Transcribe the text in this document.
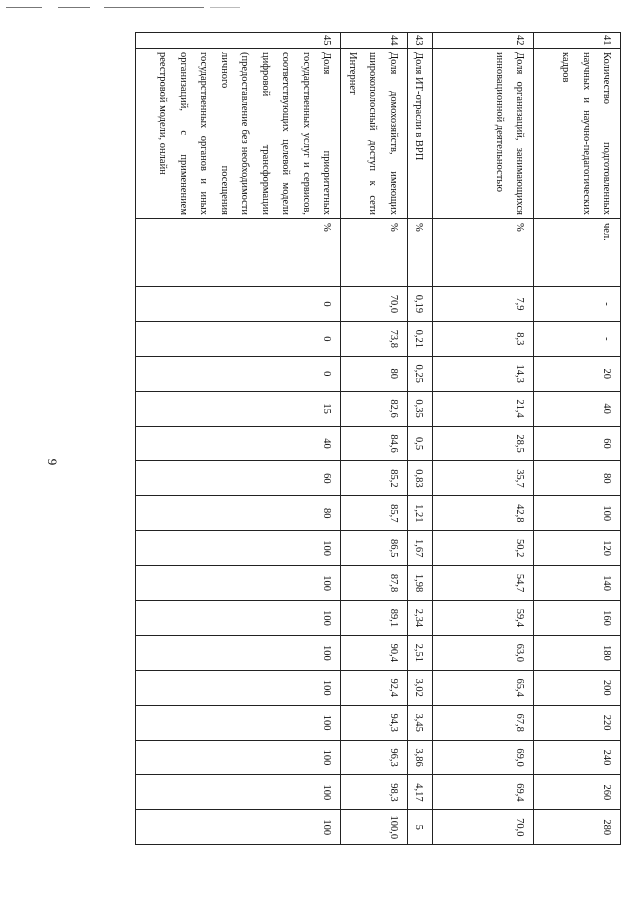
9
41	Количество подготовленных научных и научно-педагогических кадров	чел.	-	-	20	40	60	80	100	120	140	160	180	200	220	240	260	280
42	Доля организаций, занимающихся инновационной деятельностью	%	7,9	8,3	14,3	21,4	28,5	35,7	42,8	50,2	54,7	59,4	63,0	65,4	67,8	69,0	69,4	70,0
43	Доля ИТ-отрасли в ВРП	%	0,19	0,21	0,25	0,35	0,5	0,83	1,21	1,67	1,98	2,34	2,51	3,02	3,45	3,86	4,17	5
44	Доля домохозяйств, имеющих широкополосный доступ к сети Интернет	%	70,0	73,8	80	82,6	84,6	85,2	85,7	86,5	87,8	89,1	90,4	92,4	94,3	96,3	98,3	100,0
45	Доля приоритетных государственных услуг и сервисов, соответствующих целевой модели цифровой трансформации (предоставление без необходимости личного посещения государственных органов и иных организаций, с применением реестровой модели, онлайн	%	0	0	0	15	40	60	80	100	100	100	100	100	100	100	100	100
